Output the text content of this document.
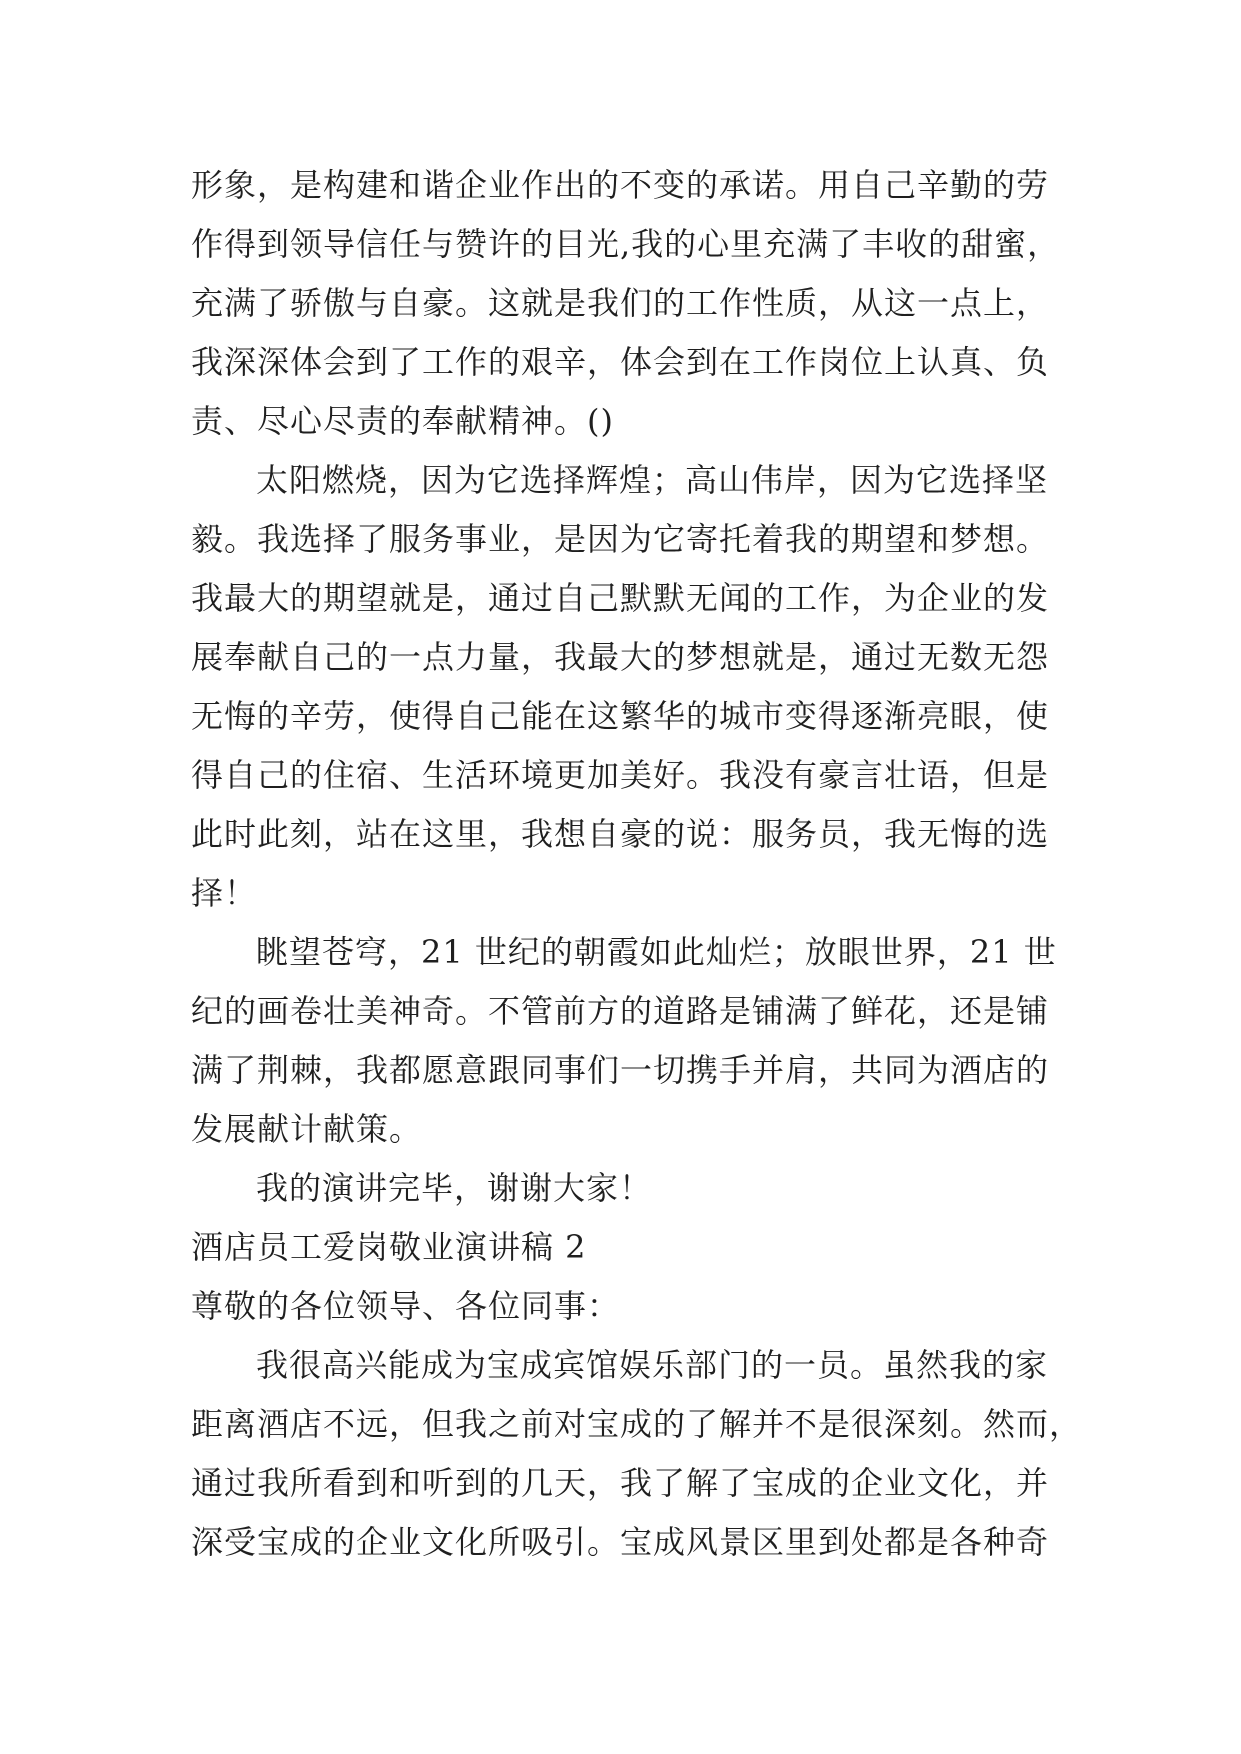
形象，是构建和谐企业作出的不变的承诺。用自己辛勤的劳
作得到领导信任与赞许的目光,我的心里充满了丰收的甜蜜，
充满了骄傲与自豪。这就是我们的工作性质，从这一点上，
我深深体会到了工作的艰辛，体会到在工作岗位上认真、负
责、尽心尽责的奉献精神。()
太阳燃烧，因为它选择辉煌；高山伟岸，因为它选择坚
毅。我选择了服务事业，是因为它寄托着我的期望和梦想。
我最大的期望就是，通过自己默默无闻的工作，为企业的发
展奉献自己的一点力量，我最大的梦想就是，通过无数无怨
无悔的辛劳，使得自己能在这繁华的城市变得逐渐亮眼，使
得自己的住宿、生活环境更加美好。我没有豪言壮语，但是
此时此刻，站在这里，我想自豪的说：服务员，我无悔的选
择！
眺望苍穹，21 世纪的朝霞如此灿烂；放眼世界，21 世
纪的画卷壮美神奇。不管前方的道路是铺满了鲜花，还是铺
满了荆棘，我都愿意跟同事们一切携手并肩，共同为酒店的
发展献计献策。
我的演讲完毕，谢谢大家！
酒店员工爱岗敬业演讲稿 2
尊敬的各位领导、各位同事：
我很高兴能成为宝成宾馆娱乐部门的一员。虽然我的家
距离酒店不远，但我之前对宝成的了解并不是很深刻。然而，
通过我所看到和听到的几天，我了解了宝成的企业文化，并
深受宝成的企业文化所吸引。宝成风景区里到处都是各种奇
